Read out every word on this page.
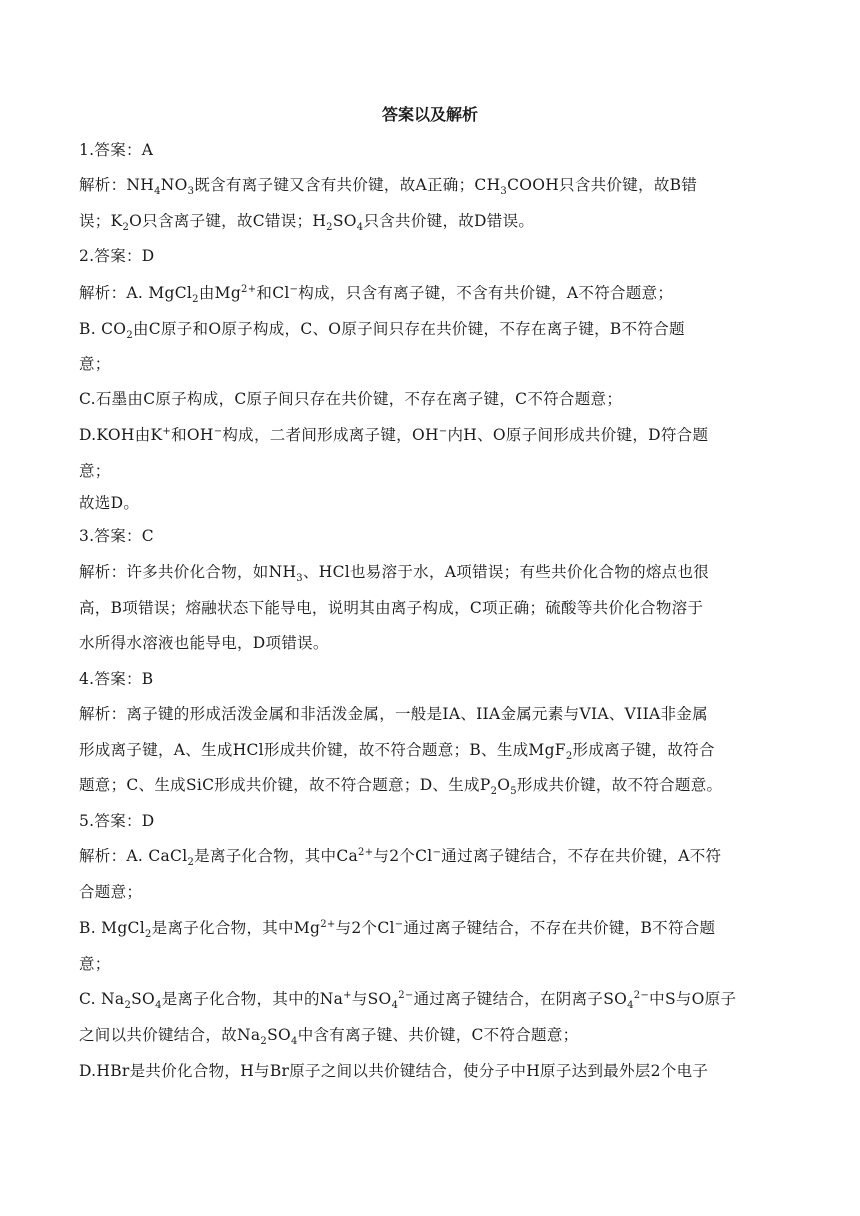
答案以及解析
1.答案：A
解析：$NH_4NO_3$既含有离子键又含有共价键，故A正确；$CH_3COOH$只含共价键，故B错
误；$K_2O$只含离子键，故C错误；$H_2SO_4$只含共价键，故D错误。
2.答案：D
解析：A. MgCl$_2$由$Mg^{2+}$和Cl−构成，只含有离子键，不含有共价键，A不符合题意；
B. $CO_2$由C原子和O原子构成，C、O原子间只存在共价键，不存在离子键，B不符合题
意；
C.石墨由C原子构成，C原子间只存在共价键，不存在离子键，C不符合题意；
D.KOH由K+和OH−构成，二者间形成离子键，OH−内H、O原子间形成共价键，D符合题
意；
故选D。
3.答案：C
解析：许多共价化合物，如$NH_3$、HCl也易溶于水，A项错误；有些共价化合物的熔点也很
高，B项错误；熔融状态下能导电，说明其由离子构成，C项正确；硫酸等共价化合物溶于
水所得水溶液也能导电，D项错误。
4.答案：B
解析：离子键的形成活泼金属和非活泼金属，一般是IA、IIA金属元素与VIA、VIIA非金属
形成离子键，A、生成HCl形成共价键，故不符合题意；B、生成MgF$_2$形成离子键，故符合
题意；C、生成SiC形成共价键，故不符合题意；D、生成$P_2O_5$形成共价键，故不符合题意。
5.答案：D
解析：A. CaCl$_2$是离子化合物，其中$Ca^{2+}$与2个Cl−通过离子键结合，不存在共价键，A不符
合题意；
B. MgCl$_2$是离子化合物，其中$Mg^{2+}$与2个Cl−通过离子键结合，不存在共价键，B不符合题
意；
C. $Na_2SO_4$是离子化合物，其中的Na+与$SO_4^{2-}$通过离子键结合，在阴离子$SO_4^{2-}$中S与O原子
之间以共价键结合，故$Na_2SO_4$中含有离子键、共价键，C不符合题意；
D.HBr是共价化合物，H与Br原子之间以共价键结合，使分子中H原子达到最外层2个电子
